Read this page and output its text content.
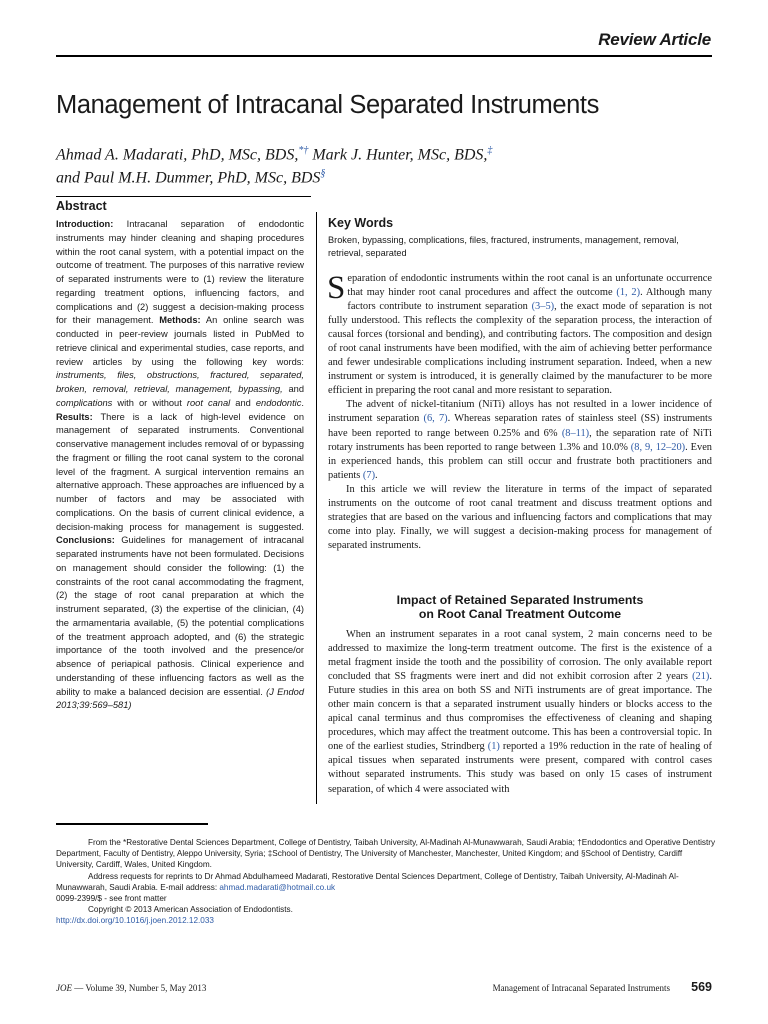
Review Article
Management of Intracanal Separated Instruments
Ahmad A. Madarati, PhD, MSc, BDS,*† Mark J. Hunter, MSc, BDS,‡
and Paul M.H. Dummer, PhD, MSc, BDS§
Abstract
Introduction: Intracanal separation of endodontic instruments may hinder cleaning and shaping procedures within the root canal system, with a potential impact on the outcome of treatment. The purposes of this narrative review of separated instruments were to (1) review the literature regarding treatment options, influencing factors, and complications and (2) suggest a decision-making process for their management. Methods: An online search was conducted in peer-review journals listed in PubMed to retrieve clinical and experimental studies, case reports, and review articles by using the following key words: instruments, files, obstructions, fractured, separated, broken, removal, retrieval, management, bypassing, and complications with or without root canal and endodontic. Results: There is a lack of high-level evidence on management of separated instruments. Conventional conservative management includes removal of or bypassing the fragment or filling the root canal system to the coronal level of the fragment. A surgical intervention remains an alternative approach. These approaches are influenced by a number of factors and may be associated with complications. On the basis of current clinical evidence, a decision-making process for management is suggested. Conclusions: Guidelines for management of intracanal separated instruments have not been formulated. Decisions on management should consider the following: (1) the constraints of the root canal accommodating the fragment, (2) the stage of root canal preparation at which the instrument separated, (3) the expertise of the clinician, (4) the armamentaria available, (5) the potential complications of the treatment approach adopted, and (6) the strategic importance of the tooth involved and the presence/or absence of periapical pathosis. Clinical experience and understanding of these influencing factors as well as the ability to make a balanced decision are essential. (J Endod 2013;39:569–581)
Key Words
Broken, bypassing, complications, files, fractured, instruments, management, removal, retrieval, separated

Separation of endodontic instruments within the root canal is an unfortunate occurrence that may hinder root canal procedures and affect the outcome (1, 2). Although many factors contribute to instrument separation (3–5), the exact mode of separation is not fully understood. This reflects the complexity of the separation process, the interaction of causal forces (torsional and bending), and contributing factors. The composition and design of root canal instruments have been modified, with the aim of achieving better performance and fewer undesirable complications including instrument separation. Indeed, when a new instrument or system is introduced, it is generally claimed by the manufacturer to be more efficient in preparing the root canal and more resistant to separation.

The advent of nickel-titanium (NiTi) alloys has not resulted in a lower incidence of instrument separation (6, 7). Whereas separation rates of stainless steel (SS) instruments have been reported to range between 0.25% and 6% (8–11), the separation rate of NiTi rotary instruments has been reported to range between 1.3% and 10.0% (8, 9, 12–20). Even in experienced hands, this problem can still occur and frustrate both practitioners and patients (7).

In this article we will review the literature in terms of the impact of separated instruments on the outcome of root canal treatment and discuss treatment options and strategies that are based on the various and influencing factors and complications that may come into play. Finally, we will suggest a decision-making process for management of separated instruments.

Impact of Retained Separated Instruments
on Root Canal Treatment Outcome

When an instrument separates in a root canal system, 2 main concerns need to be addressed to maximize the long-term treatment outcome. The first is the existence of a metal fragment inside the tooth and the possibility of corrosion. The only available report concluded that SS fragments were inert and did not exhibit corrosion after 2 years (21). Future studies in this area on both SS and NiTi instruments are of great importance. The other main concern is that a separated instrument usually hinders or blocks access to the apical canal terminus and thus compromises the effectiveness of cleaning and shaping procedures, which may affect the treatment outcome. This has been a controversial topic. In one of the earliest studies, Strindberg (1) reported a 19% reduction in the rate of healing of apical tissues when separated instruments were present, compared with control cases without separated instruments. This study was based on only 15 cases of instrument separation, of which 4 were associated with

From the *Restorative Dental Sciences Department, College of Dentistry, Taibah University, Al-Madinah Al-Munawwarah, Saudi Arabia; †Endodontics and Operative Dentistry Department, Faculty of Dentistry, Aleppo University, Syria; ‡School of Dentistry, The University of Manchester, Manchester, United Kingdom; and §School of Dentistry, Cardiff University, Cardiff, Wales, United Kingdom.

Address requests for reprints to Dr Ahmad Abdulhameed Madarati, Restorative Dental Sciences Department, College of Dentistry, Taibah University, Al-Madinah Al-Munawwarah, Saudi Arabia. E-mail address: ahmad.madarati@hotmail.co.uk

0099-2399/$ - see front matter

Copyright © 2013 American Association of Endodontists.

http://dx.doi.org/10.1016/j.joen.2012.12.033

JOE — Volume 39, Number 5, May 2013	Management of Intracanal Separated Instruments 569
